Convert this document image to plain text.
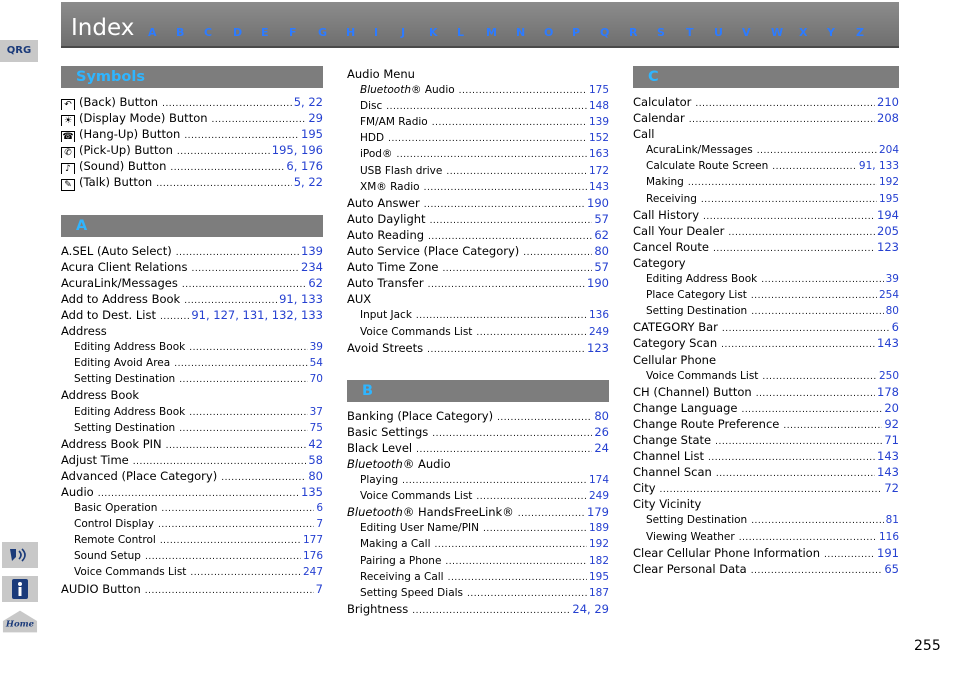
Index A B C D E F G H I J K L M N O P Q R S T U V W X Y Z
QRG
Home
255
Symbols
↶ (Back) Button .....	5, 22
☀ (Display Mode) Button .....	29
☎ (Hang-Up) Button .....	195
✆ (Pick-Up) Button .....	195, 196
♪ (Sound) Button .....	6, 176
✎ (Talk) Button .....	5, 22
A
A.SEL (Auto Select) .....	139
Acura Client Relations .....	234
AcuraLink/Messages .....	62
Add to Address Book .....	91, 133
Add to Dest. List .....	91, 127, 131, 132, 133
Address
Editing Address Book .....	39
Editing Avoid Area .....	54
Setting Destination .....	70
Address Book
Editing Address Book .....	37
Setting Destination .....	75
Address Book PIN .....	42
Adjust Time .....	58
Advanced (Place Category) .....	80
Audio .....	135
Basic Operation .....	6
Control Display .....	7
Remote Control .....	177
Sound Setup .....	176
Voice Commands List .....	247
AUDIO Button .....	7
Audio Menu
Bluetooth® Audio .....	175
Disc .....	148
FM/AM Radio .....	139
HDD .....	152
iPod® .....	163
USB Flash drive .....	172
XM® Radio .....	143
Auto Answer .....	190
Auto Daylight .....	57
Auto Reading .....	62
Auto Service (Place Category) .....	80
Auto Time Zone .....	57
Auto Transfer .....	190
AUX
Input Jack .....	136
Voice Commands List .....	249
Avoid Streets .....	123
B
Banking (Place Category) .....	80
Basic Settings .....	26
Black Level .....	24
Bluetooth® Audio
Playing .....	174
Voice Commands List .....	249
Bluetooth® HandsFreeLink® .....	179
Editing User Name/PIN .....	189
Making a Call .....	192
Pairing a Phone .....	182
Receiving a Call .....	195
Setting Speed Dials .....	187
Brightness .....	24, 29
C
Calculator .....	210
Calendar .....	208
Call
AcuraLink/Messages .....	204
Calculate Route Screen .....	91, 133
Making .....	192
Receiving .....	195
Call History .....	194
Call Your Dealer .....	205
Cancel Route .....	123
Category
Editing Address Book .....	39
Place Category List .....	254
Setting Destination .....	80
CATEGORY Bar .....	6
Category Scan .....	143
Cellular Phone
Voice Commands List .....	250
CH (Channel) Button .....	178
Change Language .....	20
Change Route Preference .....	92
Change State .....	71
Channel List .....	143
Channel Scan .....	143
City .....	72
City Vicinity
Setting Destination .....	81
Viewing Weather .....	116
Clear Cellular Phone Information .....	191
Clear Personal Data .....	65
